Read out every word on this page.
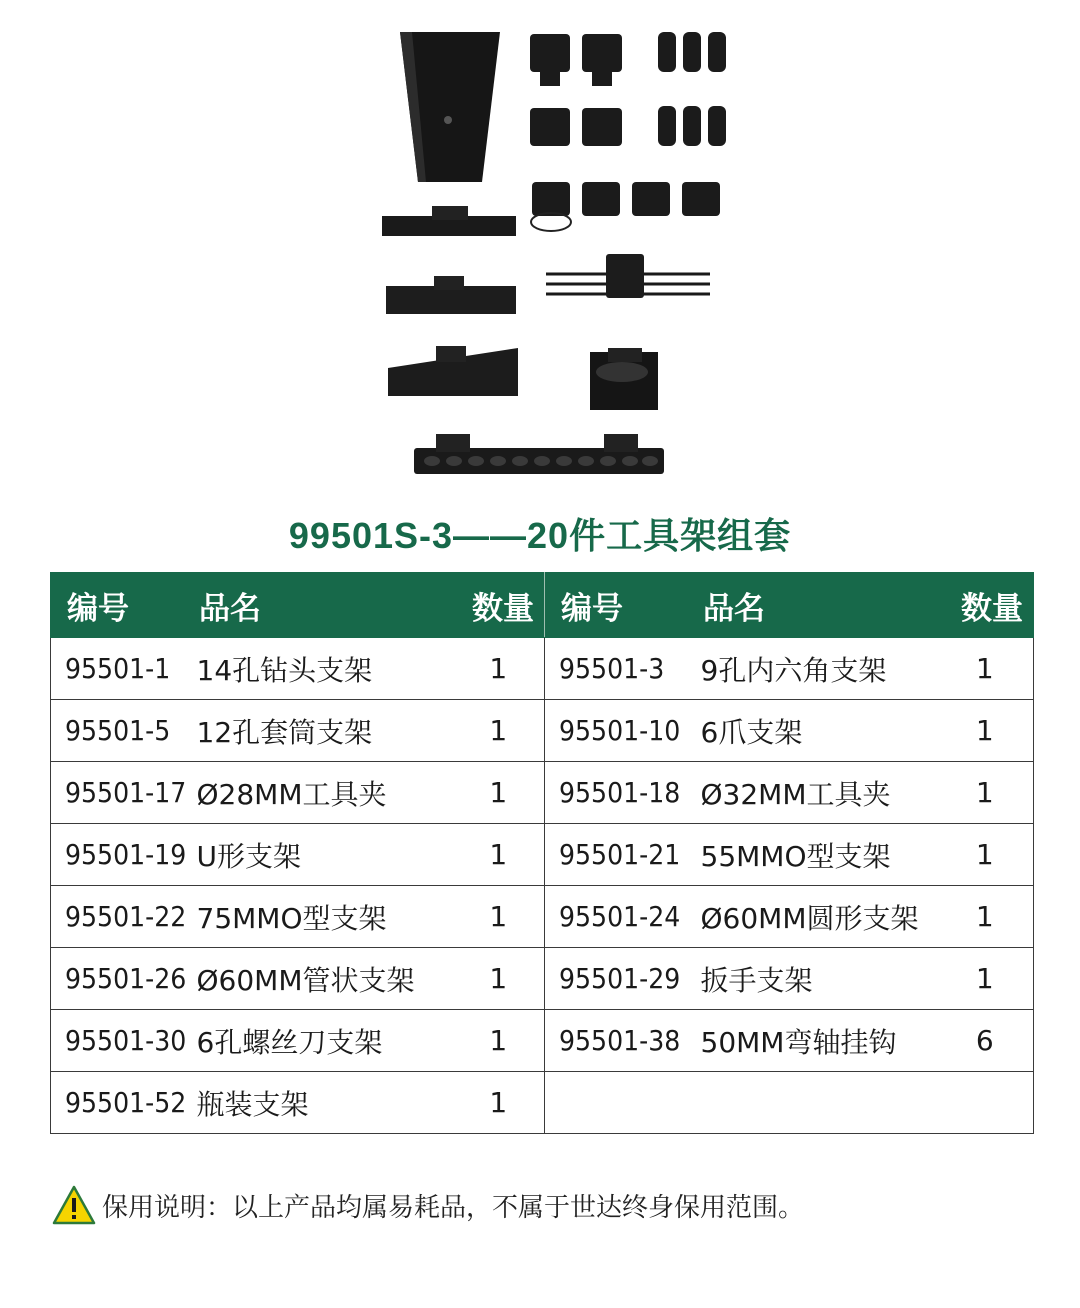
99501S-3——20件工具架组套
编号	品名	数量	编号	品名	数量
95501-1	14孔钻头支架	1	95501-3	9孔内六角支架	1
95501-5	12孔套筒支架	1	95501-10	6爪支架	1
95501-17	Ø28MM工具夹	1	95501-18	Ø32MM工具夹	1
95501-19	U形支架	1	95501-21	55MMO型支架	1
95501-22	75MMO型支架	1	95501-24	Ø60MM圆形支架	1
95501-26	Ø60MM管状支架	1	95501-29	扳手支架	1
95501-30	6孔螺丝刀支架	1	95501-38	50MM弯轴挂钩	6
95501-52	瓶装支架	1			
保用说明：以上产品均属易耗品，不属于世达终身保用范围。
